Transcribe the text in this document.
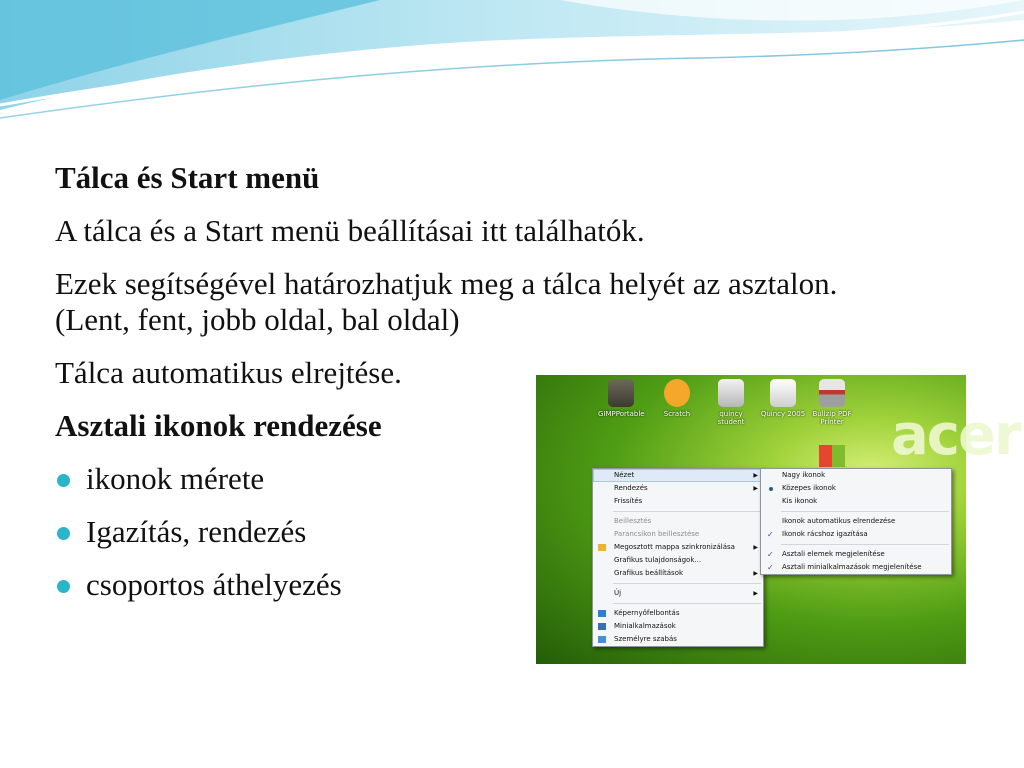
Tálca és Start menü
A tálca és a Start menü beállításai itt találhatók.
Ezek segítségével határozhatjuk meg a tálca helyét az asztalon. (Lent, fent, jobb oldal, bal oldal)
Tálca automatikus elrejtése.
Asztali ikonok rendezése
ikonok mérete
Igazítás, rendezés
csoportos áthelyezés
acer
GIMPPortable	Scratch	quincy student
Quincy 2005	Bullzip PDF Printer
Nézet	▶
Rendezés	▶
Frissítés
Beillesztés
Parancsikon beillesztése
Megosztott mappa szinkronizálása	▶
Grafikus tulajdonságok...
Grafikus beállítások	▶
Új	▶
Képernyőfelbontás
Minialkalmazások
Személyre szabás
Nagy ikonok
Közepes ikonok
Kis ikonok
Ikonok automatikus elrendezése
✓ Ikonok rácshoz igazítása
✓ Asztali elemek megjelenítése
✓ Asztali minialkalmazások megjelenítése
